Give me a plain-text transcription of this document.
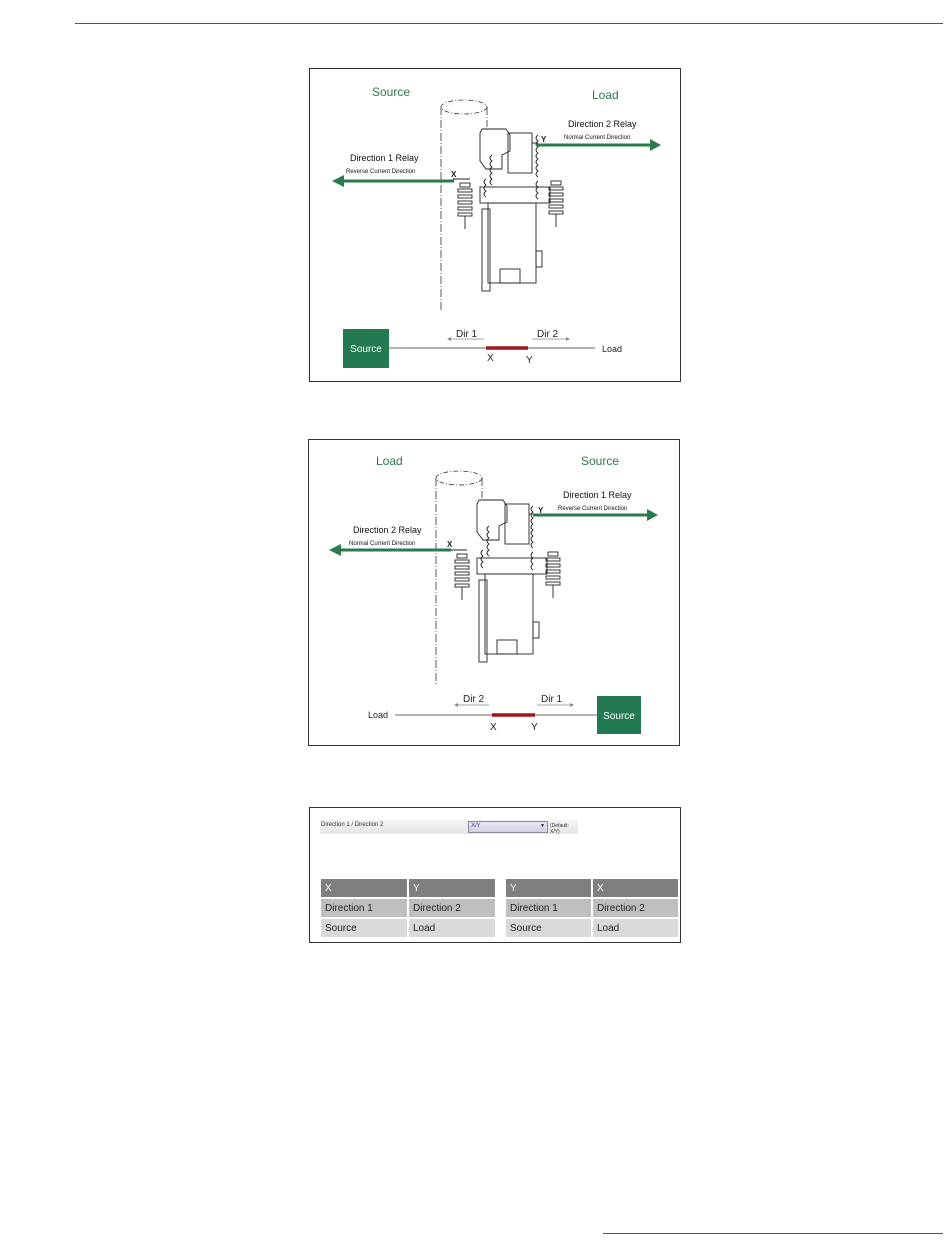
Source	Load
Direction 2 Relay
Normal Current Direction
Direction 1 Relay
Reverse Current Direction
Y
X
Source	Load
X	Y
Dir 1	Dir 2
Load	Source
Direction 1 Relay
Reverse Current Direction
Direction 2 Relay
Normal Current Direction
Y
X
Load	Source
X	Y
Dir 2	Dir 1
Direction 1 / Direction 2	X/Y	▼ (Default: X/Y)
X	Y
Direction 1	Direction 2
Source	Load
Y	X
Direction 1	Direction 2
Source	Load
